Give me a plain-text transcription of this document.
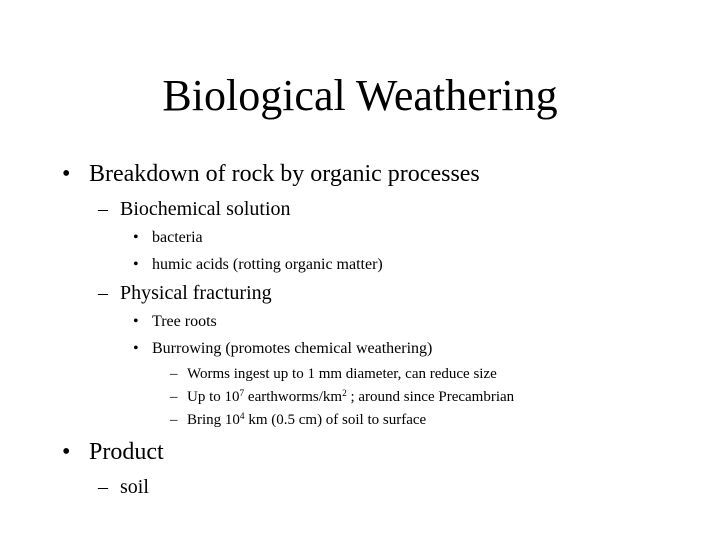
Biological Weathering
• Breakdown of rock by organic processes
– Biochemical solution
• bacteria
• humic acids (rotting organic matter)
– Physical fracturing
• Tree roots
• Burrowing (promotes chemical weathering)
– Worms ingest up to 1 mm diameter, can reduce size
– Up to $10^7$ earthworms/$km^2$ ; around since Precambrian
– Bring $10^4$ km (0.5 cm) of soil to surface
• Product
– soil
